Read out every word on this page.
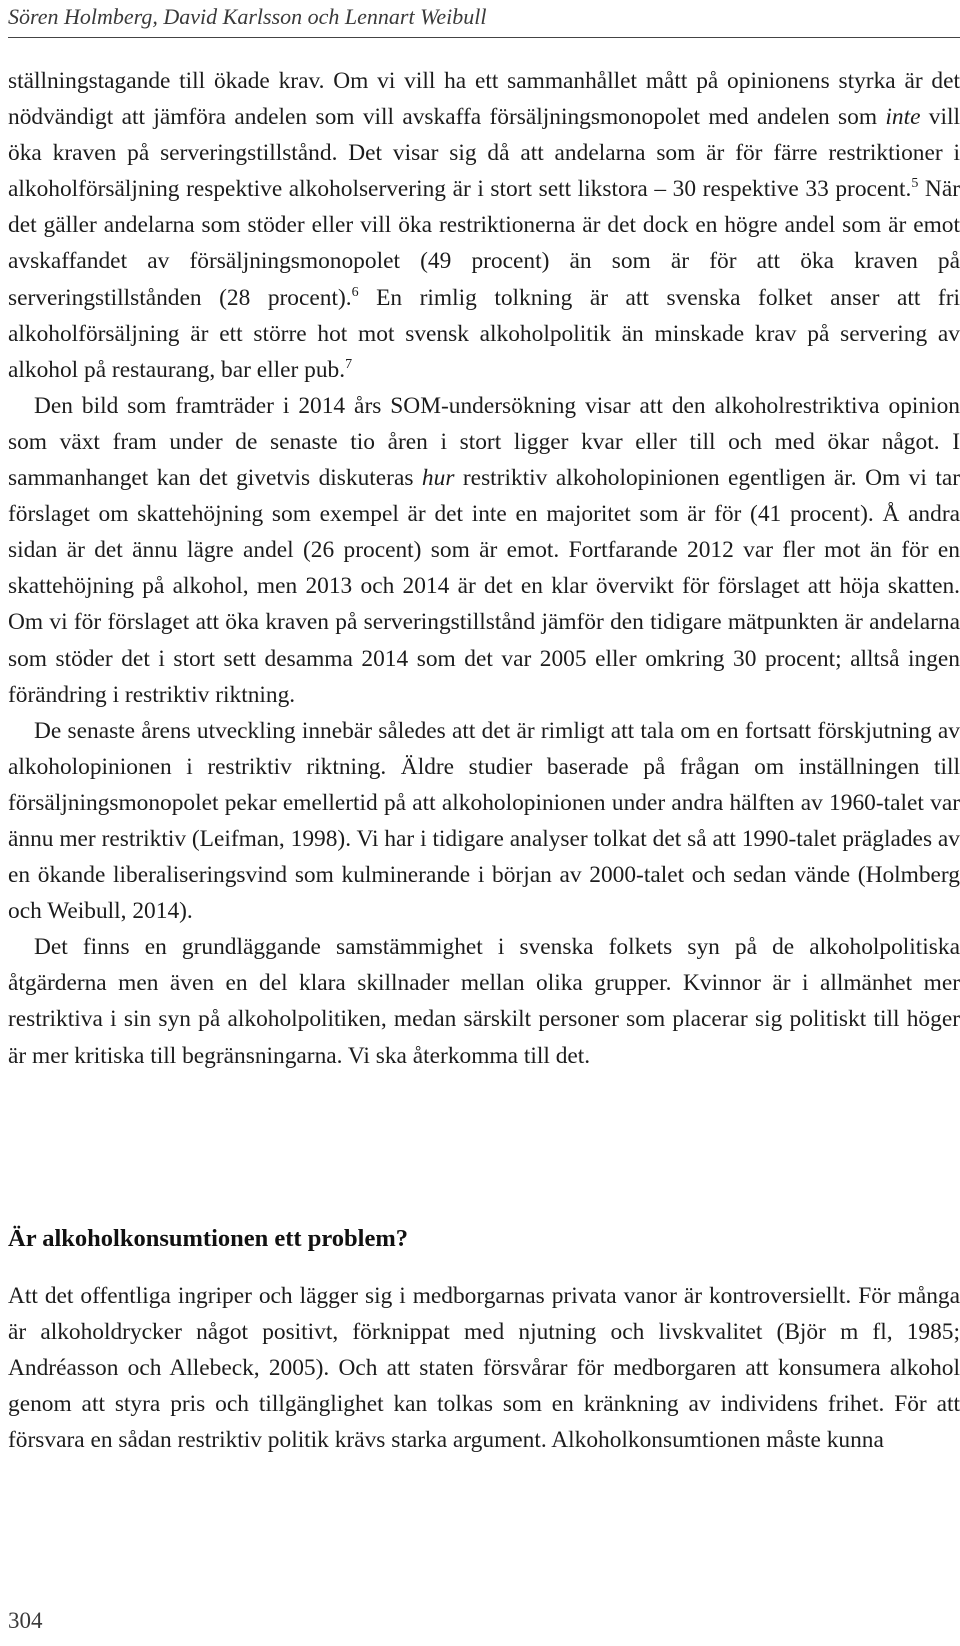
Sören Holmberg, David Karlsson och Lennart Weibull

ställningstagande till ökade krav. Om vi vill ha ett sammanhållet mått på opinionens styrka är det nödvändigt att jämföra andelen som vill avskaffa försäljningsmonopolet med andelen som inte vill öka kraven på serveringstillstånd. Det visar sig då att andelarna som är för färre restriktioner i alkoholförsäljning respektive alkoholservering är i stort sett likstora – 30 respektive 33 procent.$^5$ När det gäller andelarna som stöder eller vill öka restriktionerna är det dock en högre andel som är emot avskaffandet av försäljningsmonopolet (49 procent) än som är för att öka kraven på serveringstillstånden (28 procent).$^6$ En rimlig tolkning är att svenska folket anser att fri alkoholförsäljning är ett större hot mot svensk alkoholpolitik än minskade krav på servering av alkohol på restaurang, bar eller pub.$^7$

Den bild som framträder i 2014 års SOM-undersökning visar att den alkoholrestriktiva opinion som växt fram under de senaste tio åren i stort ligger kvar eller till och med ökar något. I sammanhanget kan det givetvis diskuteras hur restriktiv alkoholopinionen egentligen är. Om vi tar förslaget om skattehöjning som exempel är det inte en majoritet som är för (41 procent). Å andra sidan är det ännu lägre andel (26 procent) som är emot. Fortfarande 2012 var fler mot än för en skattehöjning på alkohol, men 2013 och 2014 är det en klar övervikt för förslaget att höja skatten. Om vi för förslaget att öka kraven på serveringstillstånd jämför den tidigare mätpunkten är andelarna som stöder det i stort sett desamma 2014 som det var 2005 eller omkring 30 procent; alltså ingen förändring i restriktiv riktning.

De senaste årens utveckling innebär således att det är rimligt att tala om en fortsatt förskjutning av alkoholopinionen i restriktiv riktning. Äldre studier baserade på frågan om inställningen till försäljningsmonopolet pekar emellertid på att alkoholopinionen under andra hälften av 1960-talet var ännu mer restriktiv (Leifman, 1998). Vi har i tidigare analyser tolkat det så att 1990-talet präglades av en ökande liberaliseringsvind som kulminerande i början av 2000-talet och sedan vände (Holmberg och Weibull, 2014).

Det finns en grundläggande samstämmighet i svenska folkets syn på de alkoholpolitiska åtgärderna men även en del klara skillnader mellan olika grupper. Kvinnor är i allmänhet mer restriktiva i sin syn på alkoholpolitiken, medan särskilt personer som placerar sig politiskt till höger är mer kritiska till begränsningarna. Vi ska återkomma till det.

Är alkoholkonsumtionen ett problem?

Att det offentliga ingriper och lägger sig i medborgarnas privata vanor är kontroversiellt. För många är alkoholdrycker något positivt, förknippat med njutning och livskvalitet (Björ m fl, 1985; Andréasson och Allebeck, 2005). Och att staten försvårar för medborgaren att konsumera alkohol genom att styra pris och tillgänglighet kan tolkas som en kränkning av individens frihet. För att försvara en sådan restriktiv politik krävs starka argument. Alkoholkonsumtionen måste kunna

304
